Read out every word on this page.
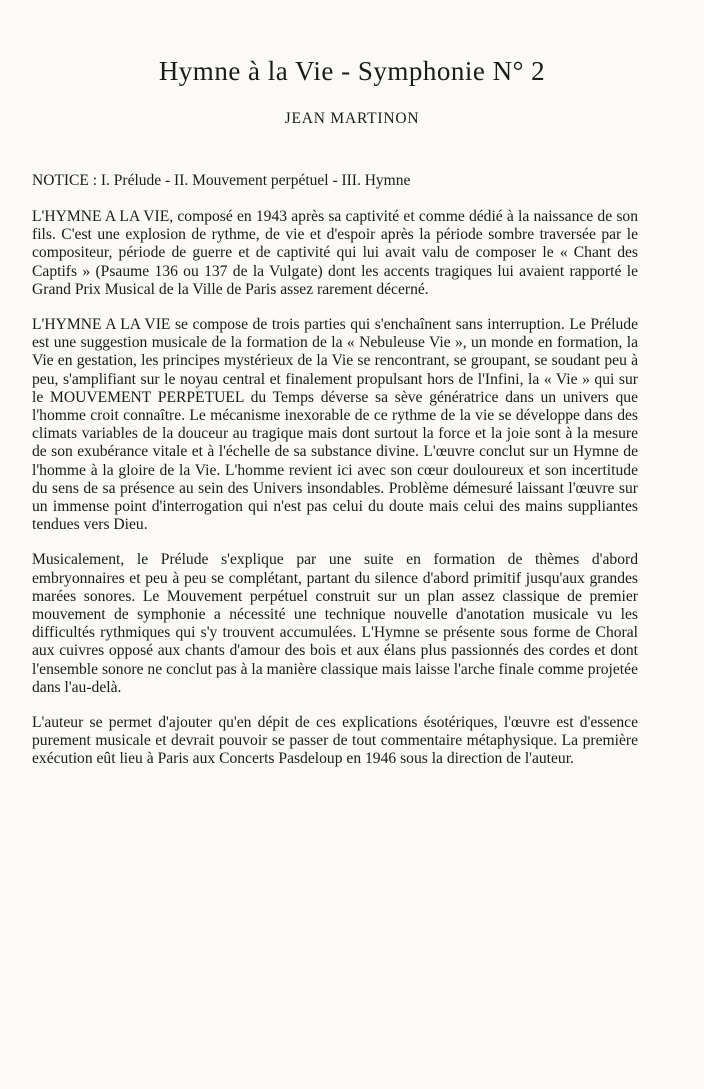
Hymne à la Vie - Symphonie N° 2
JEAN MARTINON
NOTICE : I. Prélude - II. Mouvement perpétuel - III. Hymne

L'HYMNE A LA VIE, composé en 1943 après sa captivité et comme dédié à la naissance de son fils. C'est une explosion de rythme, de vie et d'espoir après la période sombre traversée par le compositeur, période de guerre et de captivité qui lui avait valu de composer le « Chant des Captifs » (Psaume 136 ou 137 de la Vulgate) dont les accents tragiques lui avaient rapporté le Grand Prix Musical de la Ville de Paris assez rarement décerné.

L'HYMNE A LA VIE se compose de trois parties qui s'enchaînent sans interruption. Le Prélude est une suggestion musicale de la formation de la « Nebuleuse Vie », un monde en formation, la Vie en gestation, les principes mystérieux de la Vie se rencontrant, se groupant, se soudant peu à peu, s'amplifiant sur le noyau central et finalement propulsant hors de l'Infini, la « Vie » qui sur le MOUVEMENT PERPETUEL du Temps déverse sa sève génératrice dans un univers que l'homme croit connaître. Le mécanisme inexorable de ce rythme de la vie se développe dans des climats variables de la douceur au tragique mais dont surtout la force et la joie sont à la mesure de son exubérance vitale et à l'échelle de sa substance divine. L'œuvre conclut sur un Hymne de l'homme à la gloire de la Vie. L'homme revient ici avec son cœur douloureux et son incertitude du sens de sa présence au sein des Univers insondables. Problème démesuré laissant l'œuvre sur un immense point d'interrogation qui n'est pas celui du doute mais celui des mains suppliantes tendues vers Dieu.

Musicalement, le Prélude s'explique par une suite en formation de thèmes d'abord embryonnaires et peu à peu se complétant, partant du silence d'abord primitif jusqu'aux grandes marées sonores. Le Mouvement perpétuel construit sur un plan assez classique de premier mouvement de symphonie a nécessité une technique nouvelle d'anotation musicale vu les difficultés rythmiques qui s'y trouvent accumulées. L'Hymne se présente sous forme de Choral aux cuivres opposé aux chants d'amour des bois et aux élans plus passionnés des cordes et dont l'ensemble sonore ne conclut pas à la manière classique mais laisse l'arche finale comme projetée dans l'au-delà.

L'auteur se permet d'ajouter qu'en dépit de ces explications ésotériques, l'œuvre est d'essence purement musicale et devrait pouvoir se passer de tout commentaire métaphysique. La première exécution eût lieu à Paris aux Concerts Pasdeloup en 1946 sous la direction de l'auteur.
